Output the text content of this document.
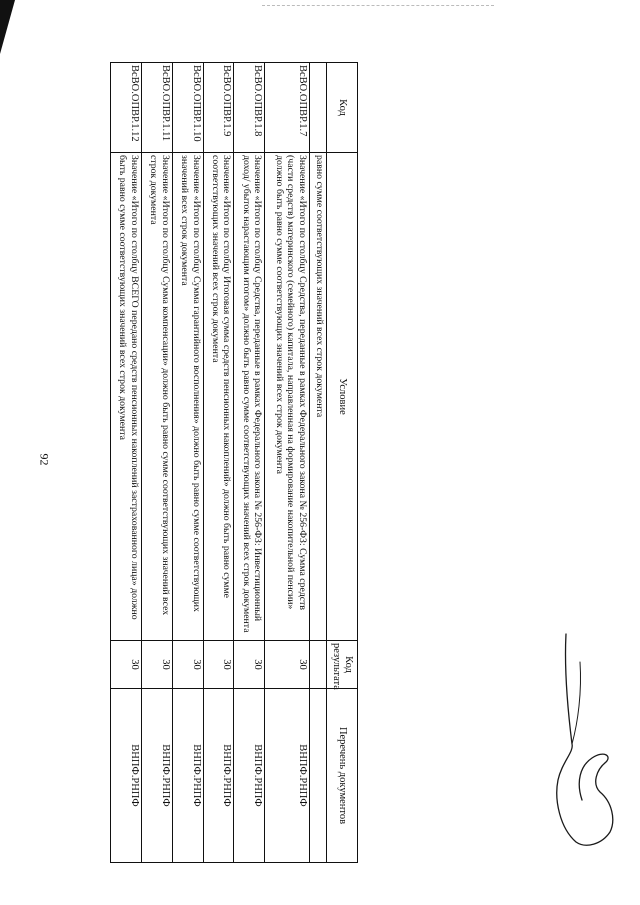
92
Код	Условие	Код результата	Перечень документов
	равно сумме соответствующих значений всех строк документа		
ВсВО.ОПВР.1.7	Значение «Итого по столбцу Средства, переданные в рамках Федерального закона № 256-ФЗ: Сумма средств (части средств) материнского (семейного) капитала, направленная на формирование накопительной пенсии» должно быть равно сумме соответствующих значений всех строк документа	30	ВНПФ.РНПФ
ВсВО.ОПВР.1.8	Значение «Итого по столбцу Средства, переданные в рамках Федерального закона № 256-ФЗ: Инвестиционный доход/ убыток нарастающим итогом» должно быть равно сумме соответствующих значений всех строк документа	30	ВНПФ.РНПФ
ВсВО.ОПВР.1.9	Значение «Итого по столбцу Итоговая сумма средств пенсионных накоплений» должно быть равно сумме соответствующих значений всех строк документа	30	ВНПФ.РНПФ
ВсВО.ОПВР.1.10	Значение «Итого по столбцу Сумма гарантийного восполнения» должно быть равно сумме соответствующих значений всех строк документа	30	ВНПФ.РНПФ
ВсВО.ОПВР.1.11	Значение «Итого по столбцу Сумма компенсации» должно быть равно сумме соответствующих значений всех строк документа	30	ВНПФ.РНПФ
ВсВО.ОПВР.1.12	Значение «Итого по столбцу ВСЕГО передано средств пенсионных накоплений застрахованного лица» должно быть равно сумме соответствующих значений всех строк документа	30	ВНПФ.РНПФ
